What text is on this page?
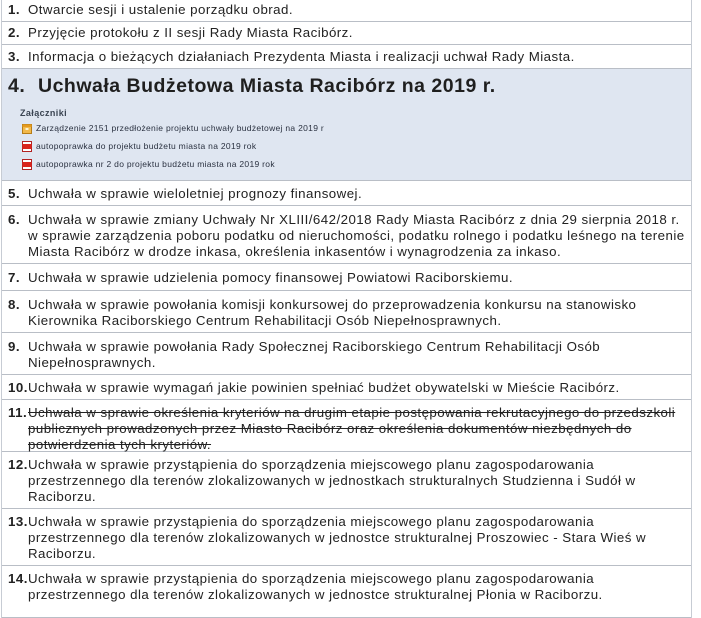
1. Otwarcie sesji i ustalenie porządku obrad.
2. Przyjęcie protokołu z II sesji Rady Miasta Racibórz.
3. Informacja o bieżących działaniach Prezydenta Miasta i realizacji uchwał Rady Miasta.
4. Uchwała Budżetowa Miasta Racibórz na 2019 r.
Załączniki
Zarządzenie 2151 przedłożenie projektu uchwały budżetowej na 2019 r
autopoprawka do projektu budżetu miasta na 2019 rok
autopoprawka nr 2 do projektu budżetu miasta na 2019 rok
5. Uchwała w sprawie wieloletniej prognozy finansowej.
6. Uchwała w sprawie zmiany Uchwały Nr XLIII/642/2018 Rady Miasta Racibórz z dnia 29 sierpnia 2018 r. w sprawie zarządzenia poboru podatku od nieruchomości, podatku rolnego i podatku leśnego na terenie Miasta Racibórz w drodze inkasa, określenia inkasentów i wynagrodzenia za inkaso.
7. Uchwała w sprawie udzielenia pomocy finansowej Powiatowi Raciborskiemu.
8. Uchwała w sprawie powołania komisji konkursowej do przeprowadzenia konkursu na stanowisko Kierownika Raciborskiego Centrum Rehabilitacji Osób Niepełnosprawnych.
9. Uchwała w sprawie powołania Rady Społecznej Raciborskiego Centrum Rehabilitacji Osób Niepełnosprawnych.
10. Uchwała w sprawie wymagań jakie powinien spełniać budżet obywatelski w Mieście Racibórz.
11. Uchwała w sprawie określenia kryteriów na drugim etapie postępowania rekrutacyjnego do przedszkoli publicznych prowadzonych przez Miasto Racibórz oraz określenia dokumentów niezbędnych do potwierdzenia tych kryteriów.
12. Uchwała w sprawie przystąpienia do sporządzenia miejscowego planu zagospodarowania przestrzennego dla terenów zlokalizowanych w jednostkach strukturalnych Studzienna i Sudół w Raciborzu.
13. Uchwała w sprawie przystąpienia do sporządzenia miejscowego planu zagospodarowania przestrzennego dla terenów zlokalizowanych w jednostce strukturalnej Proszowiec - Stara Wieś w Raciborzu.
14. Uchwała w sprawie przystąpienia do sporządzenia miejscowego planu zagospodarowania przestrzennego dla terenów zlokalizowanych w jednostce strukturalnej Płonia w Raciborzu.
